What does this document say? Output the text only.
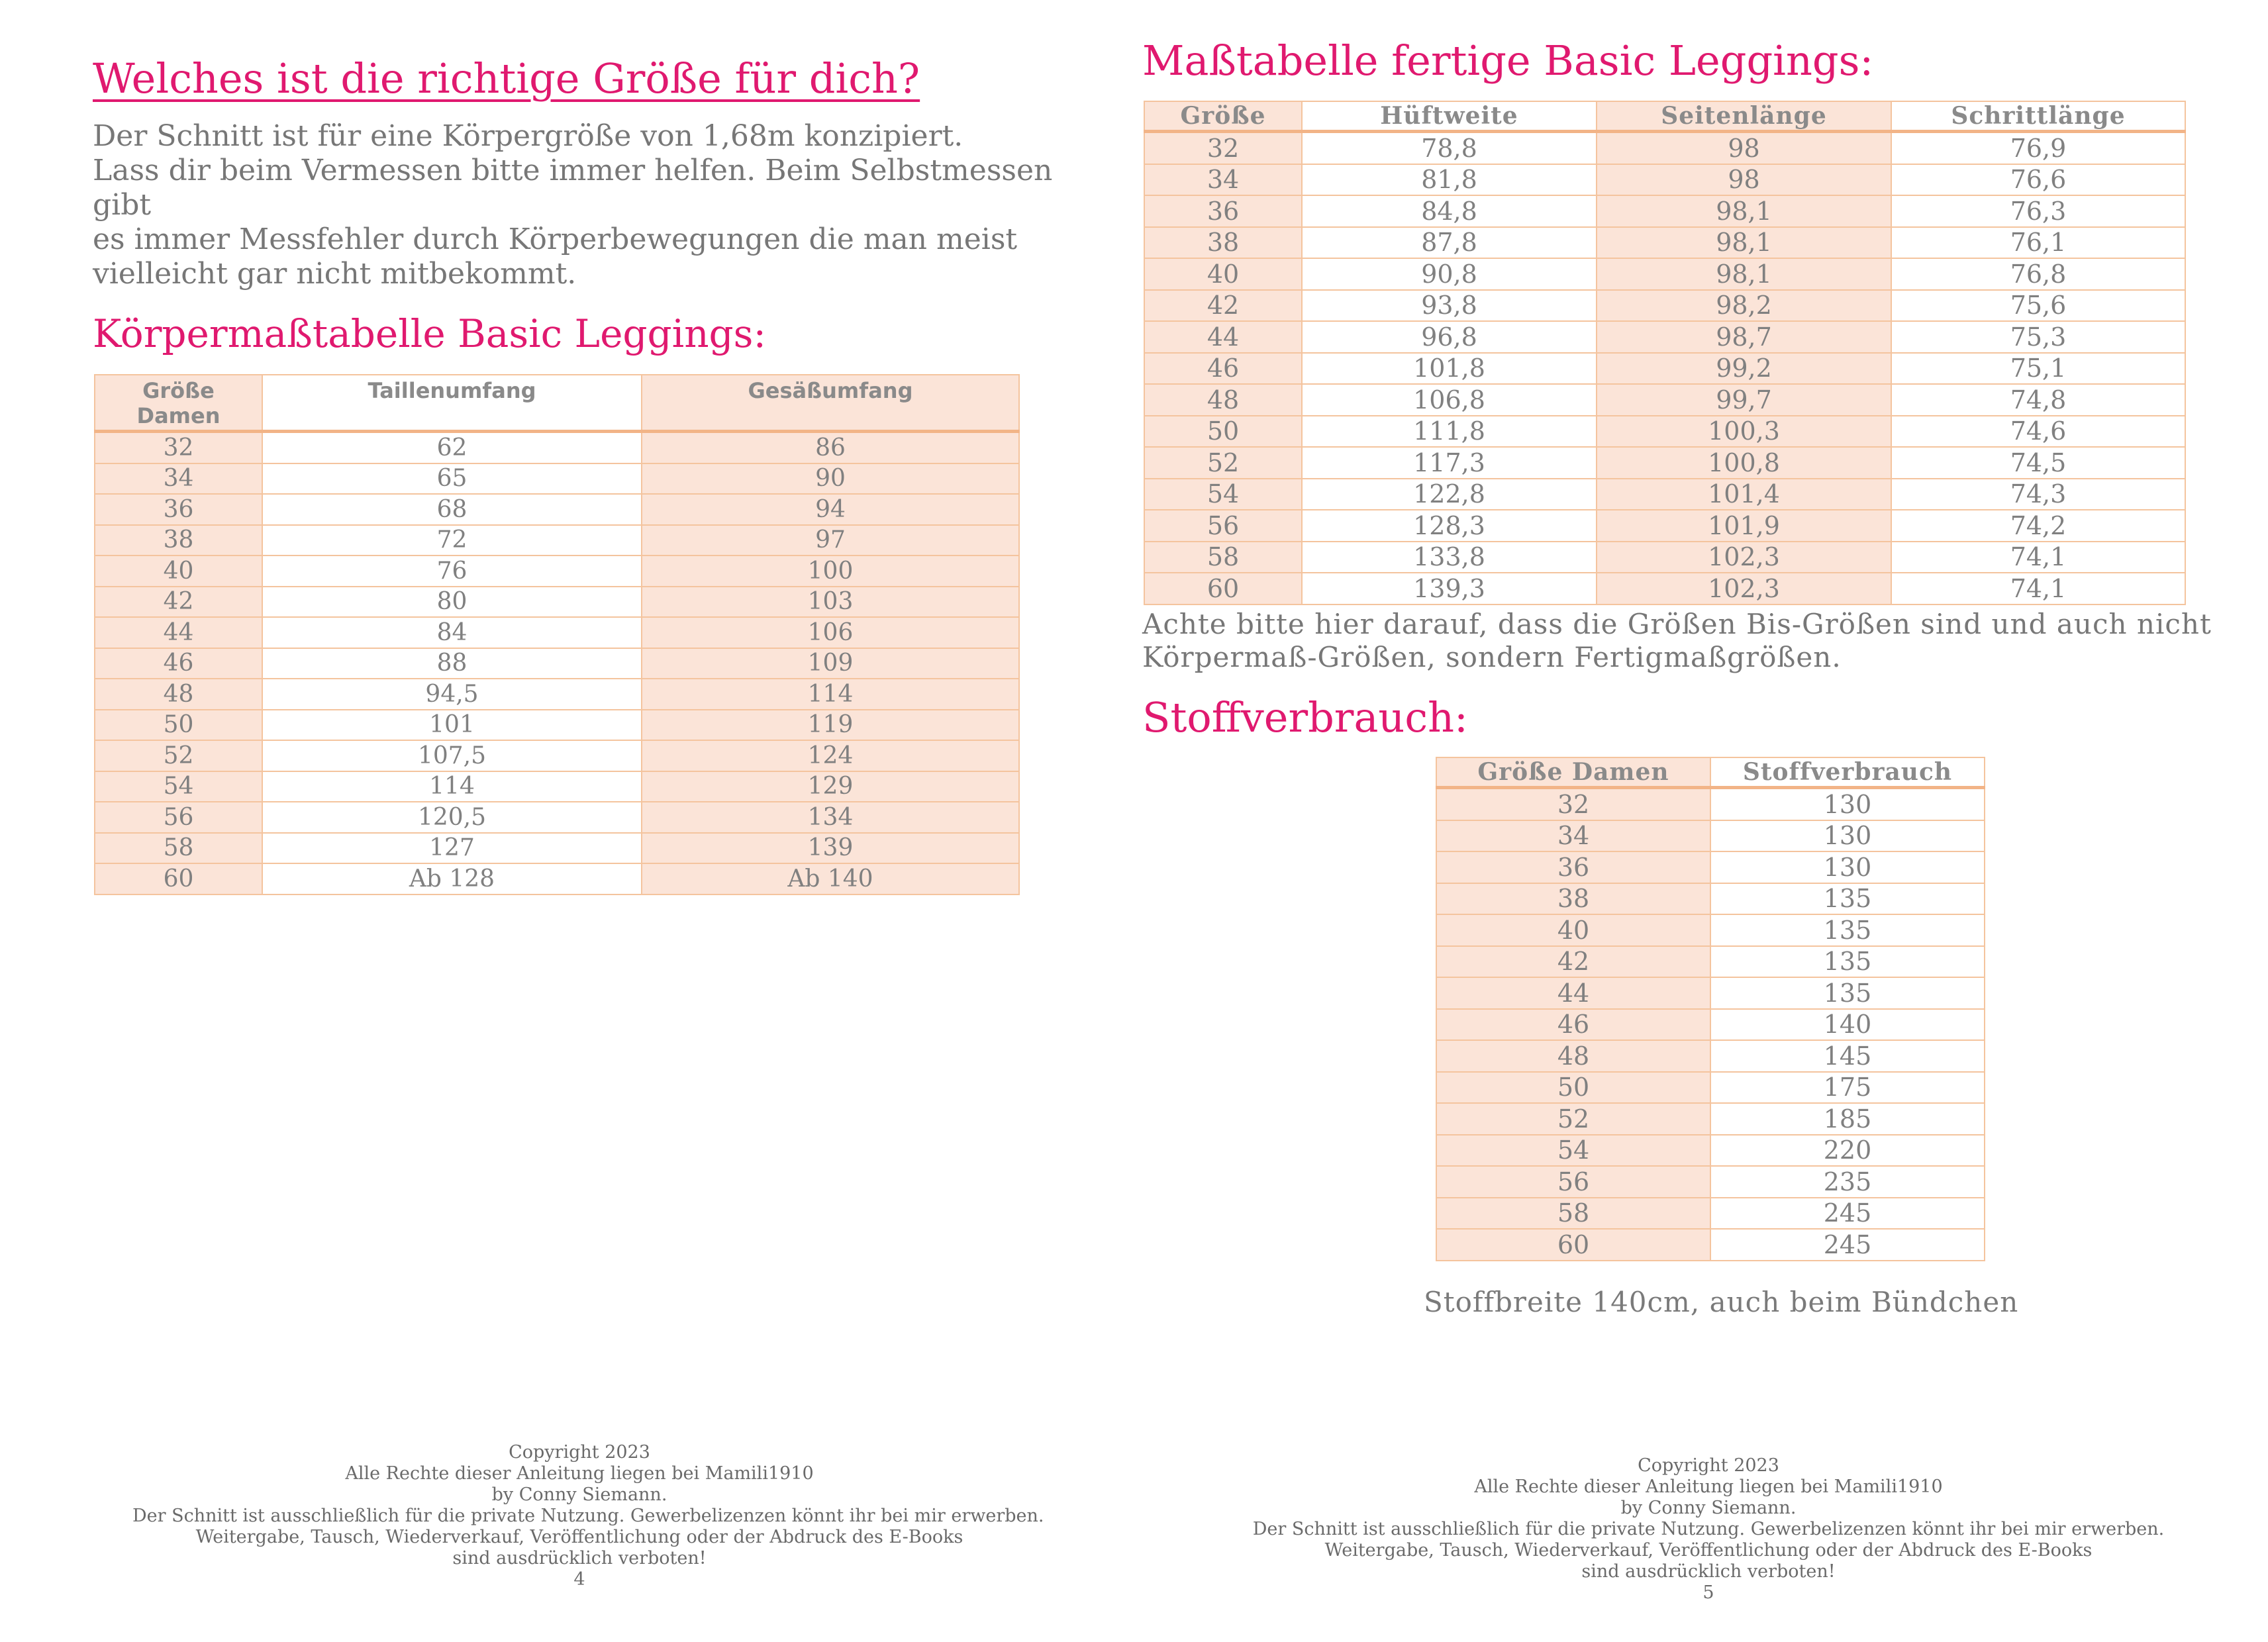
Welches ist die richtige Größe für dich?

Der Schnitt ist für eine Körpergröße von 1,68m konzipiert.

Lass dir beim Vermessen bitte immer helfen. Beim Selbstmessen gibt

es immer Messfehler durch Körperbewegungen die man meist

vielleicht gar nicht mitbekommt.

Körpermaßtabelle Basic Leggings:
Größe Damen	Taillenumfang	Gesäßumfang
32	62	86
34	65	90
36	68	94
38	72	97
40	76	100
42	80	103
44	84	106
46	88	109
48	94,5	114
50	101	119
52	107,5	124
54	114	129
56	120,5	134
58	127	139
60	Ab 128	Ab 140
Copyright 2023
Alle Rechte dieser Anleitung liegen bei Mamili1910
by Conny Siemann.
Der Schnitt ist ausschließlich für die private Nutzung. Gewerbelizenzen könnt ihr bei mir erwerben.
Weitergabe, Tausch, Wiederverkauf, Veröffentlichung oder der Abdruck des E-Books
sind ausdrücklich verboten!
4
Maßtabelle fertige Basic Leggings:
Größe	Hüftweite	Seitenlänge	Schrittlänge
32	78,8	98	76,9
34	81,8	98	76,6
36	84,8	98,1	76,3
38	87,8	98,1	76,1
40	90,8	98,1	76,8
42	93,8	98,2	75,6
44	96,8	98,7	75,3
46	101,8	99,2	75,1
48	106,8	99,7	74,8
50	111,8	100,3	74,6
52	117,3	100,8	74,5
54	122,8	101,4	74,3
56	128,3	101,9	74,2
58	133,8	102,3	74,1
60	139,3	102,3	74,1

Achte bitte hier darauf, dass die Größen Bis-Größen sind und auch nicht

Körpermaß-Größen, sondern Fertigmaßgrößen.

Stoffverbrauch:
Größe Damen	Stoffverbrauch
32	130
34	130
36	130
38	135
40	135
42	135
44	135
46	140
48	145
50	175
52	185
54	220
56	235
58	245
60	245

Stoffbreite 140cm, auch beim Bündchen

Copyright 2023
Alle Rechte dieser Anleitung liegen bei Mamili1910
by Conny Siemann.
Der Schnitt ist ausschließlich für die private Nutzung. Gewerbelizenzen könnt ihr bei mir erwerben.
Weitergabe, Tausch, Wiederverkauf, Veröffentlichung oder der Abdruck des E-Books
sind ausdrücklich verboten!
5
